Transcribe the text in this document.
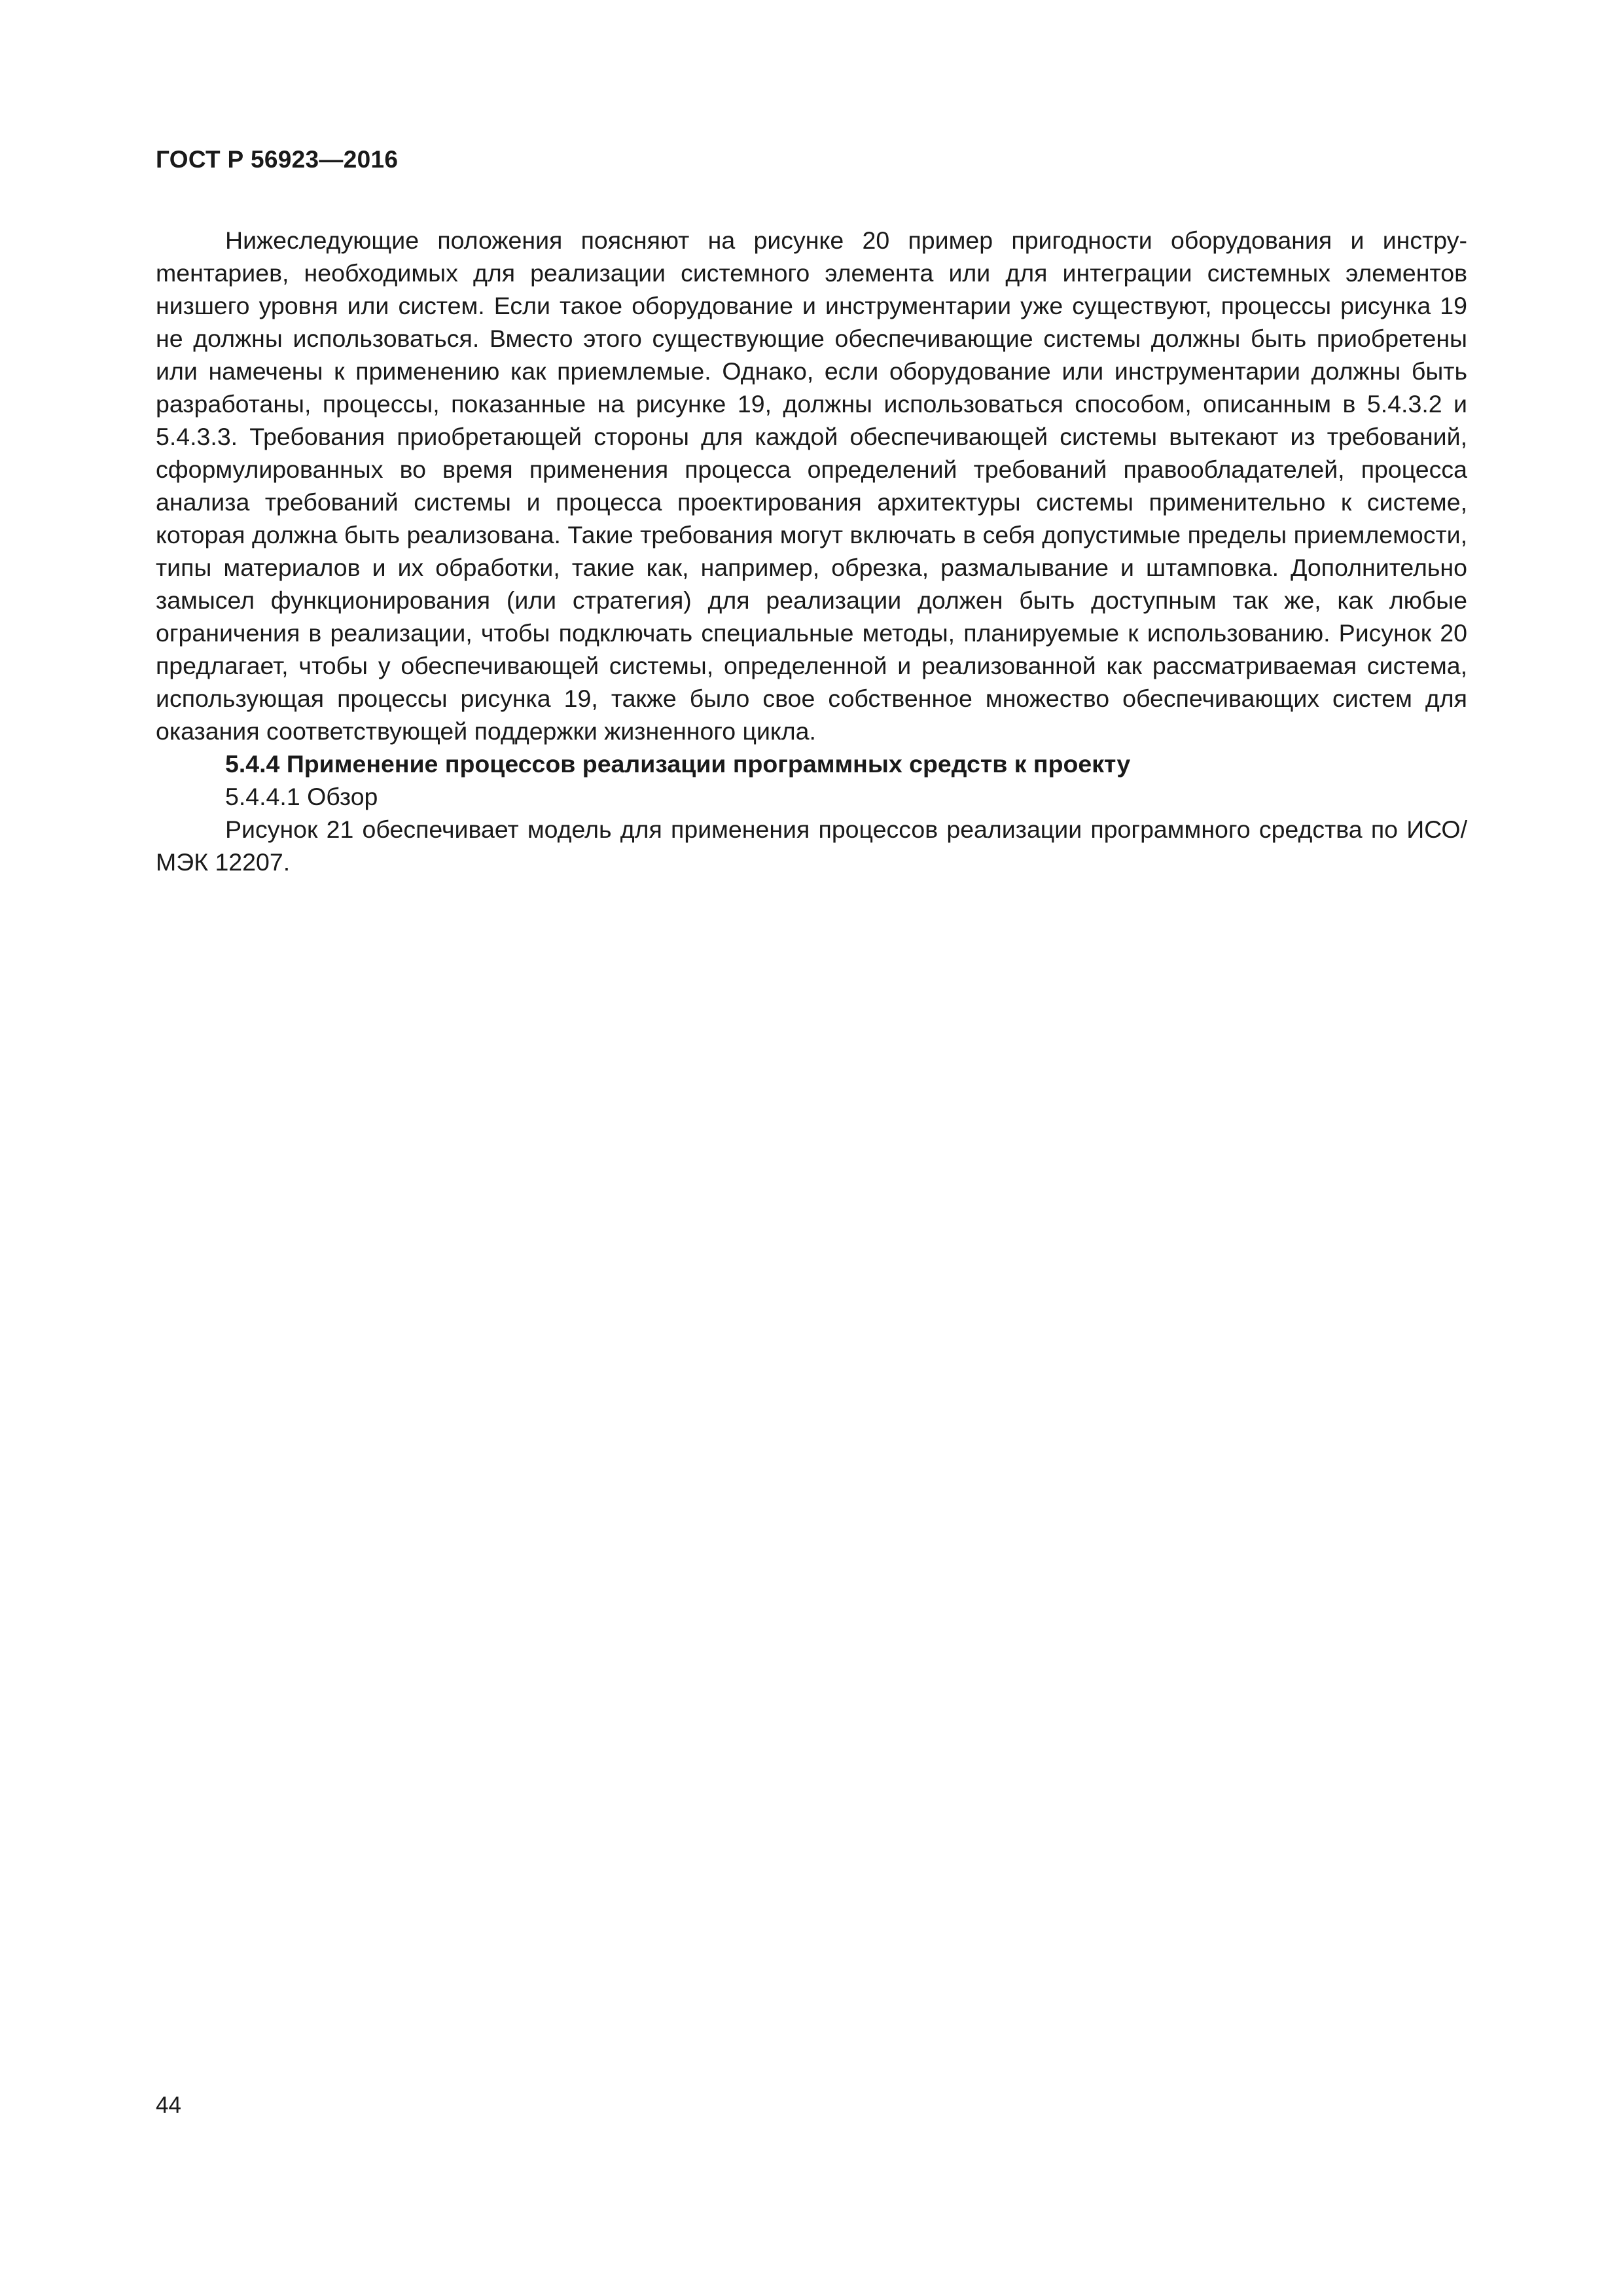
ГОСТ Р 56923—2016

Нижеследующие положения поясняют на рисунке 20 пример пригодности оборудования и инструmентариев, необходимых для реализации системного элемента или для интеграции системных элементов низшего уровня или систем. Если такое оборудование и инструментарии уже существуют, процессы рисунка 19 не должны использоваться. Вместо этого существующие обеспечивающие системы должны быть приобретены или намечены к применению как приемлемые. Однако, если оборудование или инструментарии должны быть разработаны, процессы, показанные на рисунке 19, должны использоваться способом, описанным в 5.4.3.2 и 5.4.3.3. Требования приобретающей стороны для каждой обеспечивающей системы вытекают из требований, сформулированных во время применения процесса определений требований правообладателей, процесса анализа требований системы и процесса проектирования архитектуры системы применительно к системе, которая должна быть реализована. Такие требования могут включать в себя допустимые пределы приемлемости, типы материалов и их обработки, такие как, например, обрезка, размалывание и штамповка. Дополнительно замысел функционирования (или стратегия) для реализации должен быть доступным так же, как любые ограничения в реализации, чтобы подключать специальные методы, планируемые к использованию. Рисунок 20 предлагает, чтобы у обеспечивающей системы, определенной и реализованной как рассматриваемая система, использующая процессы рисунка 19, также было свое собственное множество обеспечивающих систем для оказания соответствующей поддержки жизненного цикла.

5.4.4 Применение процессов реализации программных средств к проекту

5.4.4.1 Обзор

Рисунок 21 обеспечивает модель для применения процессов реализации программного средства по ИСО/МЭК 12207.

44
